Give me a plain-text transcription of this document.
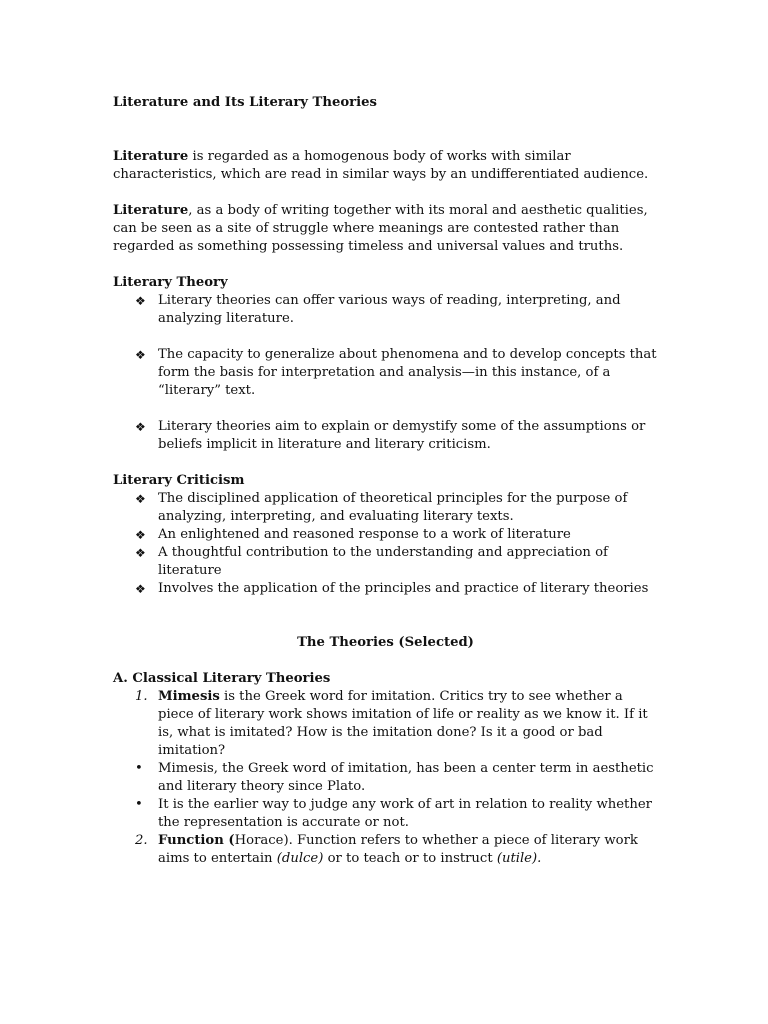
Literature and Its Literary Theories

Literature is regarded as a homogenous body of works with similar characteristics, which are read in similar ways by an undifferentiated audience.

Literature, as a body of writing together with its moral and aesthetic qualities, can be seen as a site of struggle where meanings are contested rather than regarded as something possessing timeless and universal values and truths.

Literary Theory

❖ Literary theories can offer various ways of reading, interpreting, and analyzing literature.
❖ The capacity to generalize about phenomena and to develop concepts that form the basis for interpretation and analysis—in this instance, of a “literary” text.
❖ Literary theories aim to explain or demystify some of the assumptions or beliefs implicit in literature and literary criticism.

Literary Criticism

❖ The disciplined application of theoretical principles for the purpose of analyzing, interpreting, and evaluating literary texts.
❖ An enlightened and reasoned response to a work of literature
❖ A thoughtful contribution to the understanding and appreciation of literature
❖ Involves the application of the principles and practice of literary theories

The Theories (Selected)

A. Classical Literary Theories

1. Mimesis is the Greek word for imitation. Critics try to see whether a piece of literary work shows imitation of life or reality as we know it. If it is, what is imitated? How is the imitation done? Is it a good or bad imitation?
• Mimesis, the Greek word of imitation, has been a center term in aesthetic and literary theory since Plato.
• It is the earlier way to judge any work of art in relation to reality whether the representation is accurate or not.
2. Function (Horace). Function refers to whether a piece of literary work aims to entertain (dulce) or to teach or to instruct (utile).
